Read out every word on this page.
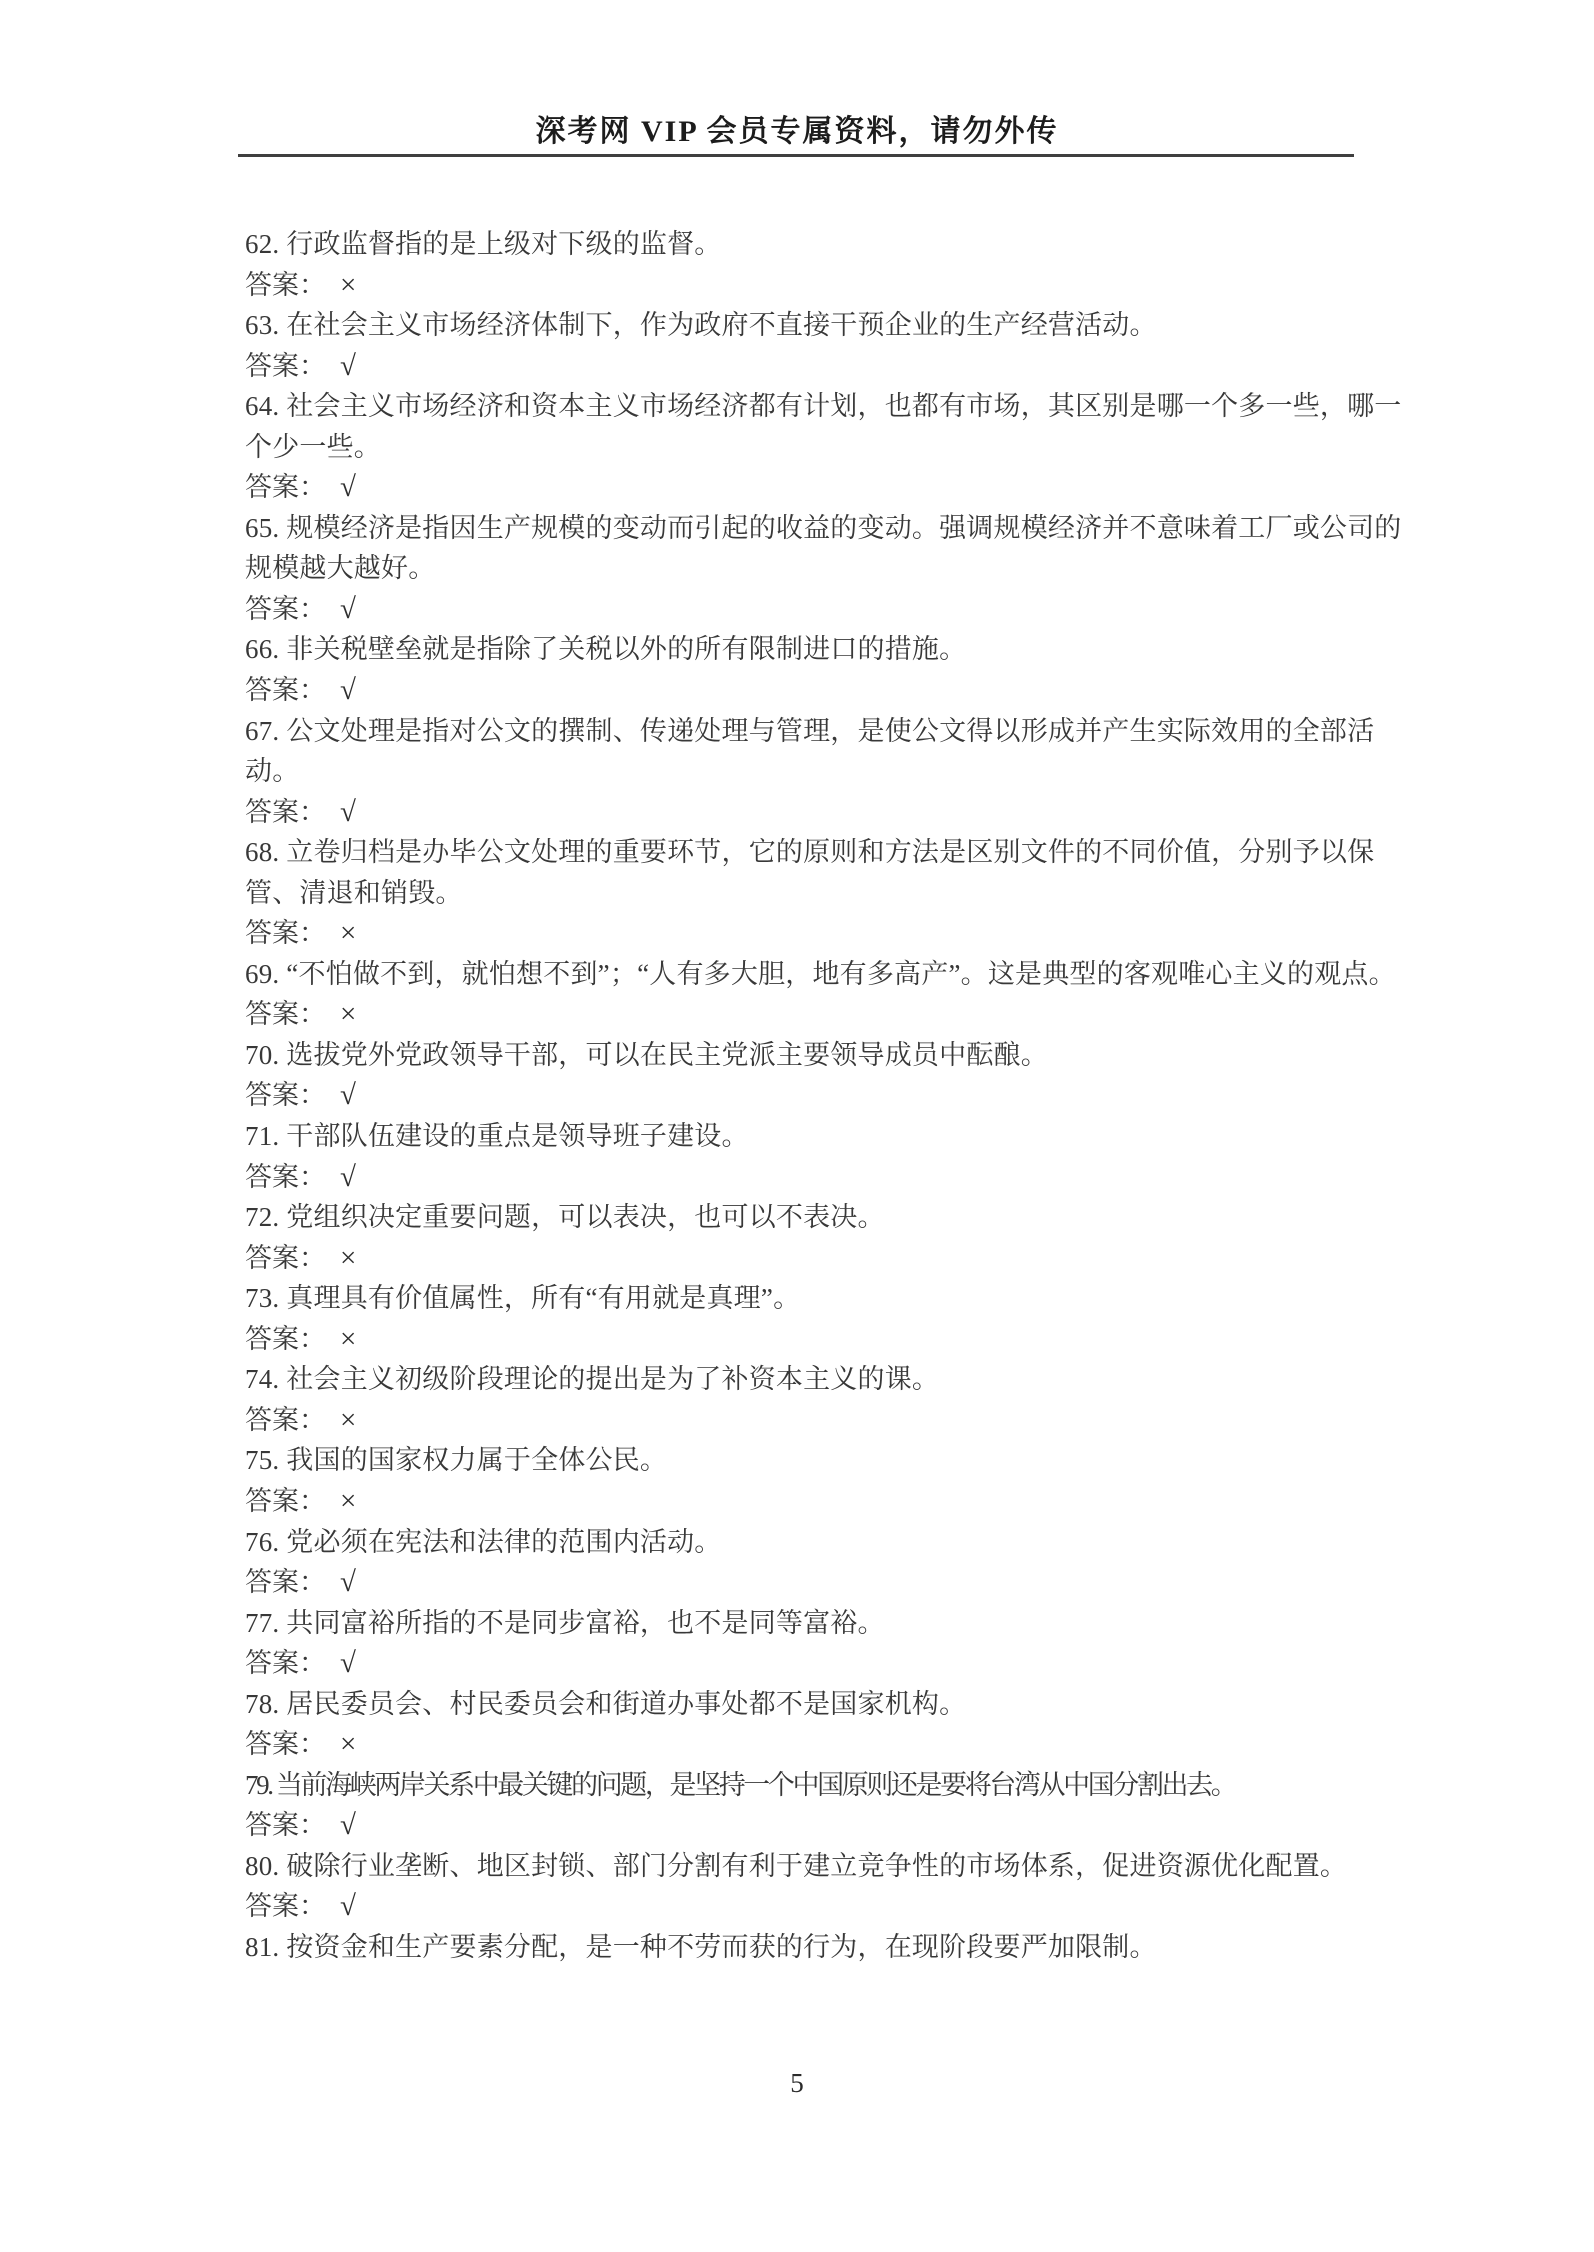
深考网 VIP 会员专属资料，请勿外传
62. 行政监督指的是上级对下级的监督。
答案： ×
63. 在社会主义市场经济体制下，作为政府不直接干预企业的生产经营活动。
答案： √
64. 社会主义市场经济和资本主义市场经济都有计划，也都有市场，其区别是哪一个多一些，哪一个少一些。
答案： √
65. 规模经济是指因生产规模的变动而引起的收益的变动。强调规模经济并不意味着工厂或公司的规模越大越好。
答案： √
66. 非关税壁垒就是指除了关税以外的所有限制进口的措施。
答案： √
67. 公文处理是指对公文的撰制、传递处理与管理，是使公文得以形成并产生实际效用的全部活动。
答案： √
68. 立卷归档是办毕公文处理的重要环节，它的原则和方法是区别文件的不同价值，分别予以保管、清退和销毁。
答案： ×
69. “不怕做不到，就怕想不到”；“人有多大胆，地有多高产”。这是典型的客观唯心主义的观点。
答案： ×
70. 选拔党外党政领导干部，可以在民主党派主要领导成员中酝酿。
答案： √
71. 干部队伍建设的重点是领导班子建设。
答案： √
72. 党组织决定重要问题，可以表决，也可以不表决。
答案： ×
73. 真理具有价值属性，所有“有用就是真理”。
答案： ×
74. 社会主义初级阶段理论的提出是为了补资本主义的课。
答案： ×
75. 我国的国家权力属于全体公民。
答案： ×
76. 党必须在宪法和法律的范围内活动。
答案： √
77. 共同富裕所指的不是同步富裕，也不是同等富裕。
答案： √
78. 居民委员会、村民委员会和街道办事处都不是国家机构。
答案： ×
79. 当前海峡两岸关系中最关键的问题，是坚持一个中国原则还是要将台湾从中国分割出去。
答案： √
80. 破除行业垄断、地区封锁、部门分割有利于建立竞争性的市场体系，促进资源优化配置。
答案： √
81. 按资金和生产要素分配，是一种不劳而获的行为，在现阶段要严加限制。
5
